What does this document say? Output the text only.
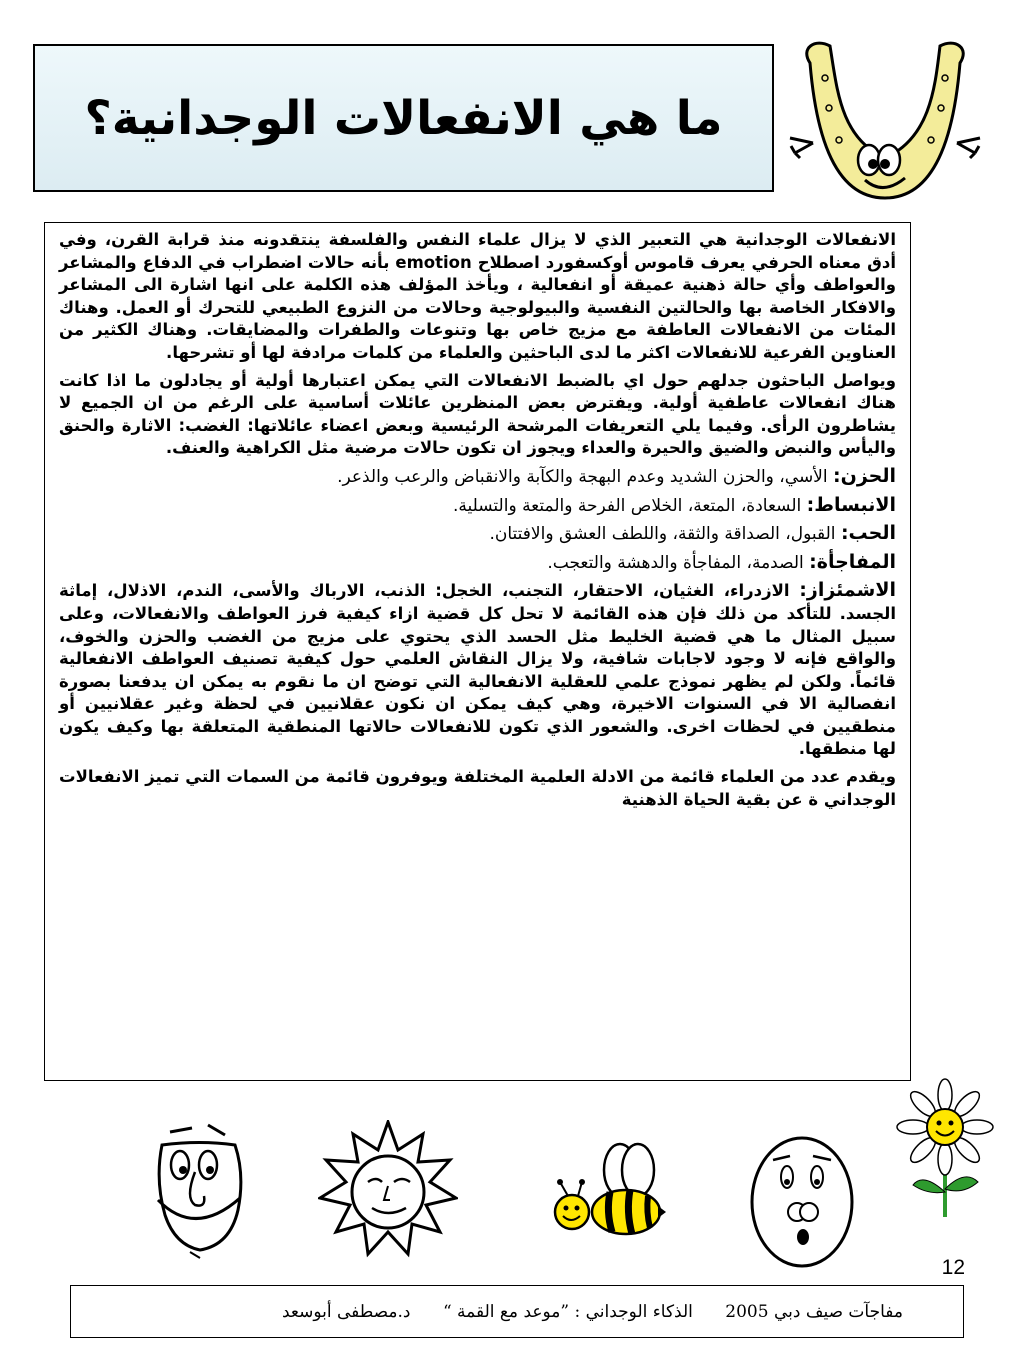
ما هي الانفعالات الوجدانية؟

الانفعالات الوجدانية هي التعبير الذي لا يزال علماء النفس والفلسفة ينتقدونه منذ قرابة القرن، وفي أدق معناه الحرفي يعرف قاموس أوكسفورد اصطلاح emotion بأنه حالات اضطراب في الدفاع والمشاعر والعواطف وأي حالة ذهنية عميقة أو انفعالية ، ويأخذ المؤلف هذه الكلمة على انها اشارة الى المشاعر والافكار الخاصة بها والحالتين النفسية والبيولوجية وحالات من النزوع الطبيعي للتحرك أو العمل. وهناك المئات من الانفعالات العاطفة مع مزيج خاص بها وتنوعات والطفرات والمضايقات. وهناك الكثير من العناوين الفرعية للانفعالات اكثر ما لدى الباحثين والعلماء من كلمات مرادفة لها أو تشرحها.

ويواصل الباحثون جدلهم حول اي بالضبط الانفعالات التي يمكن اعتبارها أولية أو يجادلون ما اذا كانت هناك انفعالات عاطفية أولية. ويفترض بعض المنظرين عائلات أساسية على الرغم من ان الجميع لا يشاطرون الرأى. وفيما يلي التعريفات المرشحة الرئيسية وبعض اعضاء عائلاتها: الغضب: الاثارة والحنق واليأس والنبض والضيق والحيرة والعداء ويجوز ان تكون حالات مرضية مثل الكراهية والعنف.

الحزن: الأسي، والحزن الشديد وعدم البهجة والكآبة والانقباض والرعب والذعر.

الانبساط: السعادة، المتعة، الخلاص الفرحة والمتعة والتسلية.

الحب: القبول، الصداقة والثقة، واللطف العشق والافتتان.

المفاجأة: الصدمة، المفاجأة والدهشة والتعجب.

الاشمئزاز: الازدراء، الغثيان، الاحتقار، التجنب، الخجل: الذنب، الارباك والأسى، الندم، الاذلال، إماثة الجسد. للتأكد من ذلك فإن هذه القائمة لا تحل كل قضية ازاء كيفية فرز العواطف والانفعالات، وعلى سبيل المثال ما هي قضية الخليط مثل الحسد الذي يحتوي على مزيج من الغضب والحزن والخوف، والواقع فإنه لا وجود لاجابات شافية، ولا يزال النقاش العلمي حول كيفية تصنيف العواطف الانفعالية قائماً. ولكن لم يظهر نموذج علمي للعقلية الانفعالية التي توضح ان ما نقوم به يمكن ان يدفعنا بصورة انفصالية الا في السنوات الاخيرة، وهي كيف يمكن ان نكون عقلانيين في لحظة وغير عقلانيين أو منطقيين في لحظات اخرى. والشعور الذي تكون للانفعالات حالاتها المنطقية المتعلقة بها وكيف يكون لها منطقها.

ويقدم عدد من العلماء قائمة من الادلة العلمية المختلفة ويوفرون قائمة من السمات التي تميز الانفعالات الوجداني ة عن بقية الحياة الذهنية

12
مفاجآت صيف دبي 2005

الذكاء الوجداني : ”موعد مع القمة “

د.مصطفى أبوسعد
